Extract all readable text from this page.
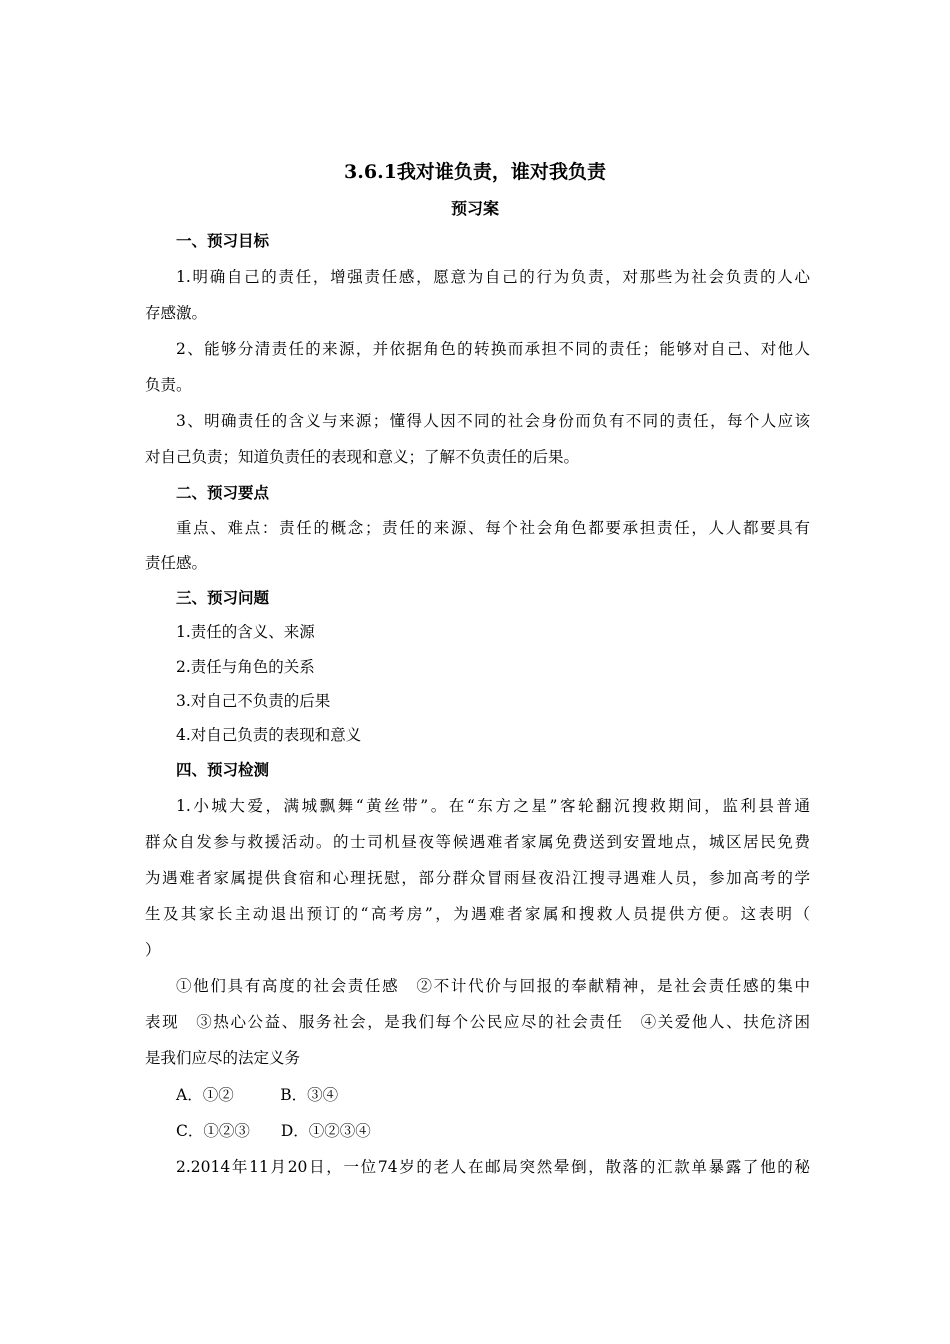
3.6.1我对谁负责，谁对我负责
预习案
一、预习目标
1.明确自己的责任，增强责任感，愿意为自己的行为负责，对那些为社会负责的人心
存感激。
2、能够分清责任的来源，并依据角色的转换而承担不同的责任；能够对自己、对他人
负责。
3、明确责任的含义与来源；懂得人因不同的社会身份而负有不同的责任，每个人应该
对自己负责；知道负责任的表现和意义；了解不负责任的后果。
二、预习要点
重点、难点：责任的概念；责任的来源、每个社会角色都要承担责任，人人都要具有
责任感。
三、预习问题
1.责任的含义、来源
2.责任与角色的关系
3.对自己不负责的后果
4.对自己负责的表现和意义
四、预习检测
1.小城大爱，满城飘舞“黄丝带”。在“东方之星”客轮翻沉搜救期间，监利县普通
群众自发参与救援活动。的士司机昼夜等候遇难者家属免费送到安置地点，城区居民免费
为遇难者家属提供食宿和心理抚慰，部分群众冒雨昼夜沿江搜寻遇难人员，参加高考的学
生及其家长主动退出预订的“高考房”，为遇难者家属和搜救人员提供方便。这表明（
）
①他们具有高度的社会责任感　②不计代价与回报的奉献精神，是社会责任感的集中
表现　③热心公益、服务社会，是我们每个公民应尽的社会责任　④关爱他人、扶危济困
是我们应尽的法定义务
A．①②　　　B．③④
C．①②③　　D．①②③④
2.2014年11月20日，一位74岁的老人在邮局突然晕倒，散落的汇款单暴露了他的秘
